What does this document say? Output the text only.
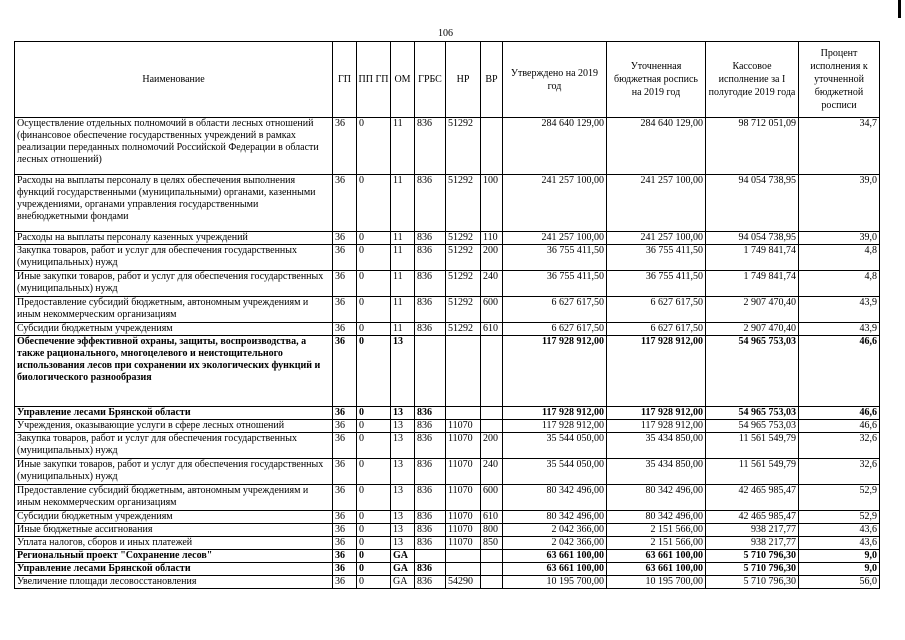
106
Наименование	ГП	ПП ГП	ОМ	ГРБС	НР	ВР	Утверждено на 2019 год	Уточненная бюджетная роспись на 2019 год	Кассовое исполнение за I полугодие 2019 года	Процент исполнения к уточненной бюджетной росписи
Осуществление отдельных полномочий в области лесных отношений (финансовое обеспечение государственных учреждений в рамках реализации переданных полномочий Российской Федерации в области лесных отношений)	36	0	11	836	51292		284 640 129,00	284 640 129,00	98 712 051,09	34,7
Расходы на выплаты персоналу в целях обеспечения выполнения функций государственными (муниципальными) органами, казенными учреждениями, органами управления государственными внебюджетными фондами	36	0	11	836	51292	100	241 257 100,00	241 257 100,00	94 054 738,95	39,0
Расходы на выплаты персоналу казенных учреждений	36	0	11	836	51292	110	241 257 100,00	241 257 100,00	94 054 738,95	39,0
Закупка товаров, работ и услуг для обеспечения государственных (муниципальных) нужд	36	0	11	836	51292	200	36 755 411,50	36 755 411,50	1 749 841,74	4,8
Иные закупки товаров, работ и услуг для обеспечения государственных (муниципальных) нужд	36	0	11	836	51292	240	36 755 411,50	36 755 411,50	1 749 841,74	4,8
Предоставление субсидий бюджетным, автономным учреждениям и иным некоммерческим организациям	36	0	11	836	51292	600	6 627 617,50	6 627 617,50	2 907 470,40	43,9
Субсидии бюджетным учреждениям	36	0	11	836	51292	610	6 627 617,50	6 627 617,50	2 907 470,40	43,9
Обеспечение эффективной охраны, защиты, воспроизводства, а также рационального, многоцелевого и неистощительного использования лесов при сохранении их экологических функций и биологического разнообразия	36	0	13				117 928 912,00	117 928 912,00	54 965 753,03	46,6
Управление лесами Брянской области	36	0	13	836			117 928 912,00	117 928 912,00	54 965 753,03	46,6
Учреждения, оказывающие услуги в сфере лесных отношений	36	0	13	836	11070		117 928 912,00	117 928 912,00	54 965 753,03	46,6
Закупка товаров, работ и услуг для обеспечения государственных (муниципальных) нужд	36	0	13	836	11070	200	35 544 050,00	35 434 850,00	11 561 549,79	32,6
Иные закупки товаров, работ и услуг для обеспечения государственных (муниципальных) нужд	36	0	13	836	11070	240	35 544 050,00	35 434 850,00	11 561 549,79	32,6
Предоставление субсидий бюджетным, автономным учреждениям и иным некоммерческим организациям	36	0	13	836	11070	600	80 342 496,00	80 342 496,00	42 465 985,47	52,9
Субсидии бюджетным учреждениям	36	0	13	836	11070	610	80 342 496,00	80 342 496,00	42 465 985,47	52,9
Иные бюджетные ассигнования	36	0	13	836	11070	800	2 042 366,00	2 151 566,00	938 217,77	43,6
Уплата налогов, сборов и иных платежей	36	0	13	836	11070	850	2 042 366,00	2 151 566,00	938 217,77	43,6
Региональный проект "Сохранение лесов"	36	0	GA				63 661 100,00	63 661 100,00	5 710 796,30	9,0
Управление лесами Брянской области	36	0	GA	836			63 661 100,00	63 661 100,00	5 710 796,30	9,0
Увеличение площади лесовосстановления	36	0	GA	836	54290		10 195 700,00	10 195 700,00	5 710 796,30	56,0
